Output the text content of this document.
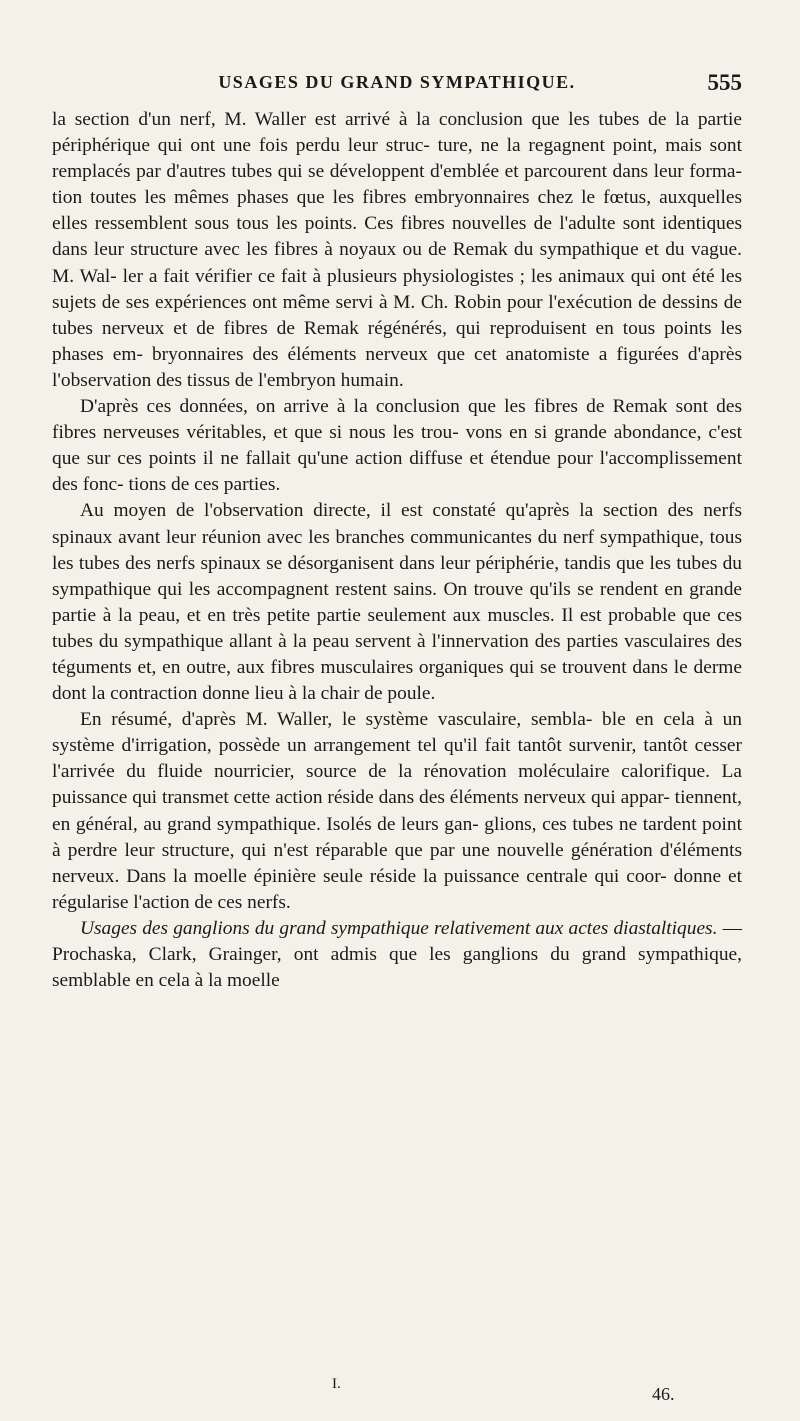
USAGES DU GRAND SYMPATHIQUE.	555

la section d'un nerf, M. Waller est arrivé à la conclusion que les tubes de la partie périphérique qui ont une fois perdu leur struc- ture, ne la regagnent point, mais sont remplacés par d'autres tubes qui se développent d'emblée et parcourent dans leur forma- tion toutes les mêmes phases que les fibres embryonnaires chez le fœtus, auxquelles elles ressemblent sous tous les points. Ces fibres nouvelles de l'adulte sont identiques dans leur structure avec les fibres à noyaux ou de Remak du sympathique et du vague. M. Wal- ler a fait vérifier ce fait à plusieurs physiologistes ; les animaux qui ont été les sujets de ses expériences ont même servi à M. Ch. Robin pour l'exécution de dessins de tubes nerveux et de fibres de Remak régénérés, qui reproduisent en tous points les phases em- bryonnaires des éléments nerveux que cet anatomiste a figurées d'après l'observation des tissus de l'embryon humain.

D'après ces données, on arrive à la conclusion que les fibres de Remak sont des fibres nerveuses véritables, et que si nous les trou- vons en si grande abondance, c'est que sur ces points il ne fallait qu'une action diffuse et étendue pour l'accomplissement des fonc- tions de ces parties.

Au moyen de l'observation directe, il est constaté qu'après la section des nerfs spinaux avant leur réunion avec les branches communicantes du nerf sympathique, tous les tubes des nerfs spinaux se désorganisent dans leur périphérie, tandis que les tubes du sympathique qui les accompagnent restent sains. On trouve qu'ils se rendent en grande partie à la peau, et en très petite partie seulement aux muscles. Il est probable que ces tubes du sympathique allant à la peau servent à l'innervation des parties vasculaires des téguments et, en outre, aux fibres musculaires organiques qui se trouvent dans le derme dont la contraction donne lieu à la chair de poule.

En résumé, d'après M. Waller, le système vasculaire, sembla- ble en cela à un système d'irrigation, possède un arrangement tel qu'il fait tantôt survenir, tantôt cesser l'arrivée du fluide nourricier, source de la rénovation moléculaire calorifique. La puissance qui transmet cette action réside dans des éléments nerveux qui appar- tiennent, en général, au grand sympathique. Isolés de leurs gan- glions, ces tubes ne tardent point à perdre leur structure, qui n'est réparable que par une nouvelle génération d'éléments nerveux. Dans la moelle épinière seule réside la puissance centrale qui coor- donne et régularise l'action de ces nerfs.

Usages des ganglions du grand sympathique relativement aux actes diastaltiques. — Prochaska, Clark, Grainger, ont admis que les ganglions du grand sympathique, semblable en cela à la moelle

I.	46.
